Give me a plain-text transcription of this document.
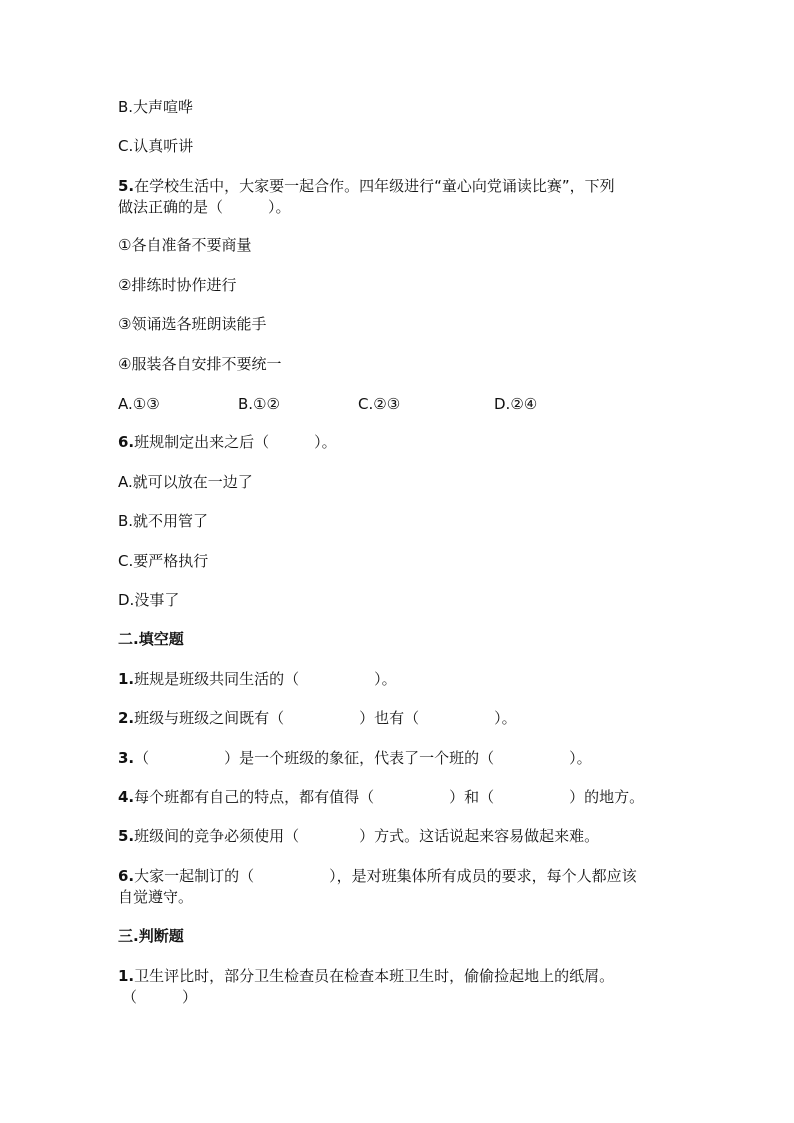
B.大声喧哗
C.认真听讲
5.在学校生活中，大家要一起合作。四年级进行“童心向党诵读比赛”，下列
做法正确的是（　　　）。
①各自准备不要商量
②排练时协作进行
③领诵选各班朗读能手
④服装各自安排不要统一
A.①③	B.①②	C.②③	D.②④
6.班规制定出来之后（　　　）。
A.就可以放在一边了
B.就不用管了
C.要严格执行
D.没事了
二.填空题
1.班规是班级共同生活的（　　　　　）。
2.班级与班级之间既有（　　　　　）也有（　　　　　）。
3.（　　　　　）是一个班级的象征，代表了一个班的（　　　　　）。
4.每个班都有自己的特点，都有值得（　　　　　）和（　　　　　）的地方。
5.班级间的竞争必须使用（　　　　）方式。这话说起来容易做起来难。
6.大家一起制订的（　　　　　），是对班集体所有成员的要求，每个人都应该
自觉遵守。
三.判断题
1.卫生评比时，部分卫生检查员在检查本班卫生时，偷偷捡起地上的纸屑。
（　　　）
